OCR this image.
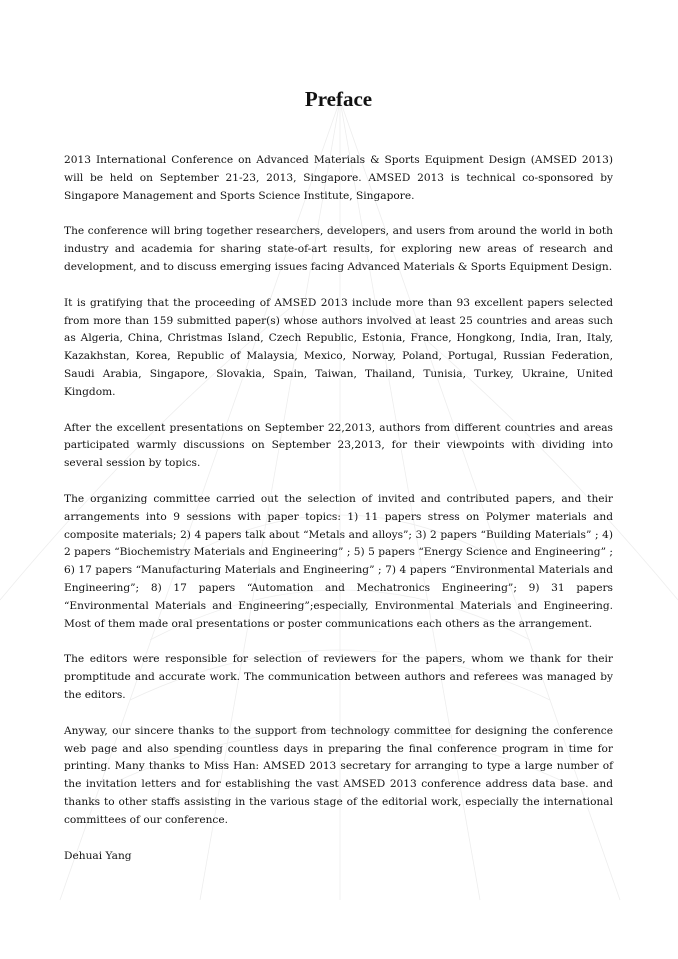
Preface

2013 International Conference on Advanced Materials & Sports Equipment Design (AMSED 2013) will be held on September 21-23, 2013, Singapore. AMSED 2013 is technical co-sponsored by Singapore Management and Sports Science Institute, Singapore.

The conference will bring together researchers, developers, and users from around the world in both industry and academia for sharing state-of-art results, for exploring new areas of research and development, and to discuss emerging issues facing Advanced Materials & Sports Equipment Design.

It is gratifying that the proceeding of AMSED 2013 include more than 93 excellent papers selected from more than 159 submitted paper(s) whose authors involved at least 25 countries and areas such as Algeria, China, Christmas Island, Czech Republic, Estonia, France, Hongkong, India, Iran, Italy, Kazakhstan, Korea, Republic of Malaysia, Mexico, Norway, Poland, Portugal, Russian Federation, Saudi Arabia, Singapore, Slovakia, Spain, Taiwan, Thailand, Tunisia, Turkey, Ukraine, United Kingdom.

After the excellent presentations on September 22,2013, authors from different countries and areas participated warmly discussions on September 23,2013, for their viewpoints with dividing into several session by topics.

The organizing committee carried out the selection of invited and contributed papers, and their arrangements into 9 sessions with paper topics: 1) 11 papers stress on Polymer materials and composite materials; 2) 4 papers talk about “Metals and alloys”; 3) 2 papers “Building Materials” ; 4) 2 papers “Biochemistry Materials and Engineering” ; 5) 5 papers “Energy Science and Engineering” ; 6) 17 papers “Manufacturing Materials and Engineering” ; 7) 4 papers “Environmental Materials and Engineering”; 8) 17 papers “Automation and Mechatronics Engineering”; 9) 31 papers “Environmental Materials and Engineering”;especially, Environmental Materials and Engineering. Most of them made oral presentations or poster communications each others as the arrangement.

The editors were responsible for selection of reviewers for the papers, whom we thank for their promptitude and accurate work. The communication between authors and referees was managed by the editors.

Anyway, our sincere thanks to the support from technology committee for designing the conference web page and also spending countless days in preparing the final conference program in time for printing. Many thanks to Miss Han: AMSED 2013 secretary for arranging to type a large number of the invitation letters and for establishing the vast AMSED 2013 conference address data base. and thanks to other staffs assisting in the various stage of the editorial work, especially the international committees of our conference.

Dehuai Yang
